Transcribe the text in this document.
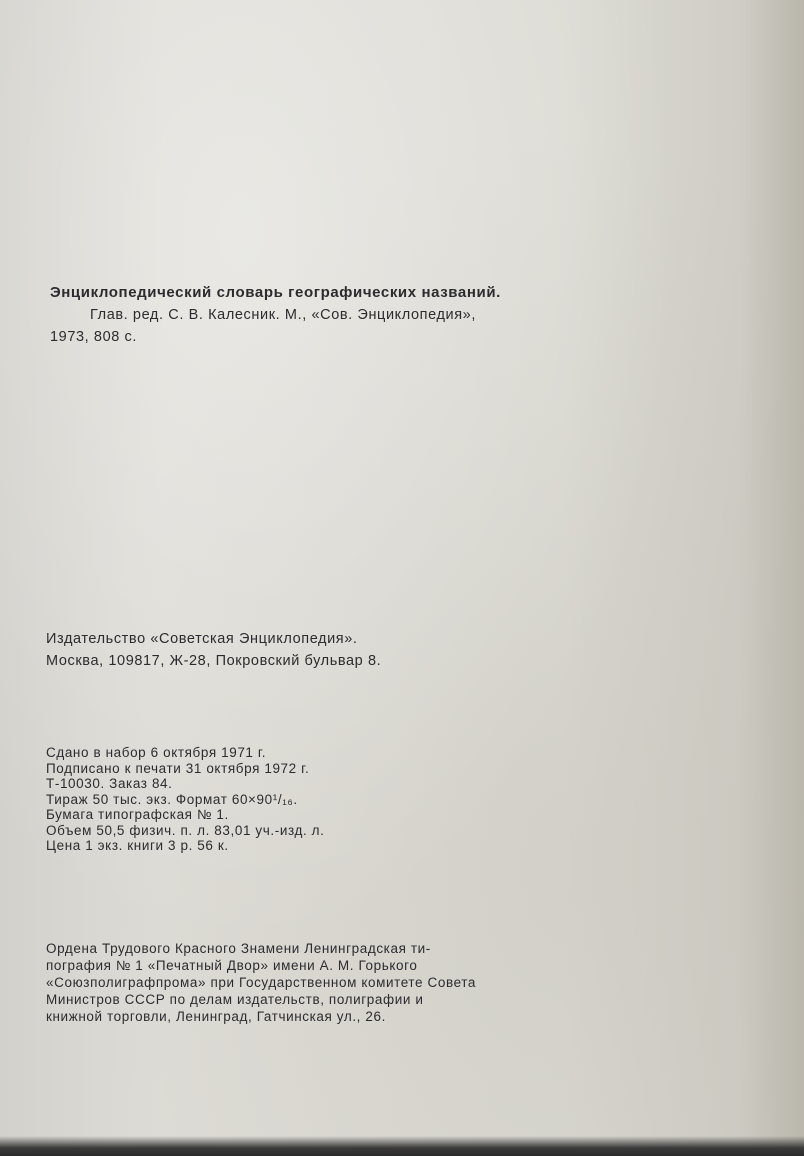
Энциклопедический словарь географических названий.
Глав. ред. С. В. Калесник. М., «Сов. Энциклопедия»,
1973, 808 с.
Издательство «Советская Энциклопедия».
Москва, 109817, Ж-28, Покровский бульвар 8.
Сдано в набор 6 октября 1971 г.
Подписано к печати 31 октября 1972 г.
Т-10030. Заказ 84.
Тираж 50 тыс. экз. Формат 60×90¹/₁₆.
Бумага типографская № 1.
Объем 50,5 физич. п. л. 83,01 уч.-изд. л.
Цена 1 экз. книги 3 р. 56 к.
Ордена Трудового Красного Знамени Ленинградская ти-
пография № 1 «Печатный Двор» имени А. М. Горького
«Союзполиграфпрома» при Государственном комитете Совета
Министров СССР по делам издательств, полиграфии и
книжной торговли, Ленинград, Гатчинская ул., 26.
